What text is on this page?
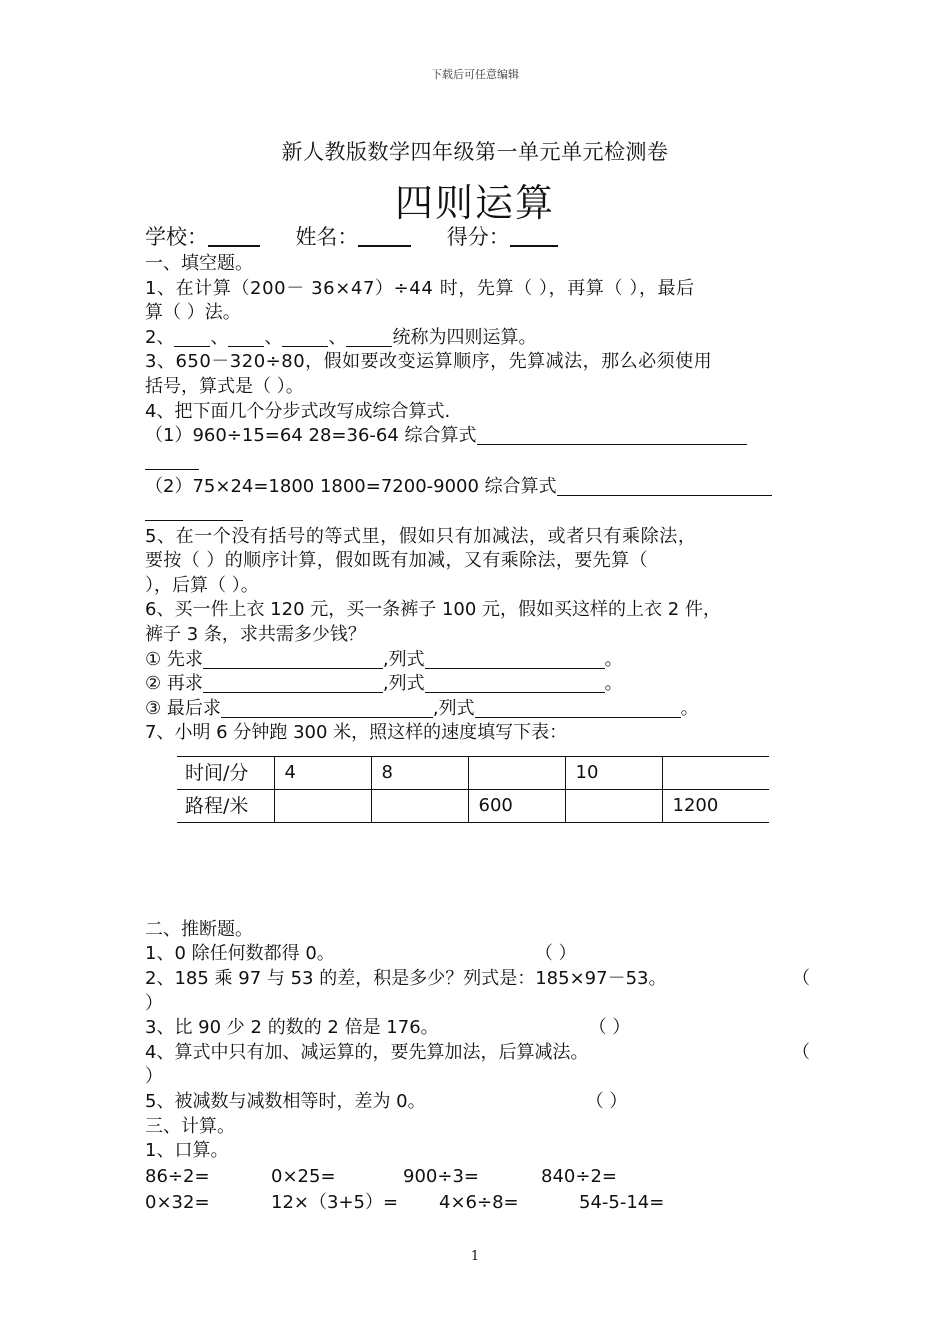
下载后可任意编辑
新人教版数学四年级第一单元单元检测卷
四则运算
学校：	姓名：	得分：
一、填空题。
1、在计算（200－ 36×47）÷44 时，先算（ ），再算（ ），最后
算（ ）法。
2、 、 、	、	统称为四则运算。
3、650－320÷80，假如要改变运算顺序，先算减法，那么必须使用
括号，算式是（ ）。
4、把下面几个分步式改写成综合算式.
（1）960÷15=64 28=36-64 综合算式
（2）75×24=1800 1800=7200-9000 综合算式
5、在一个没有括号的等式里，假如只有加减法，或者只有乘除法，
要按（ ）的顺序计算，假如既有加减，又有乘除法，要先算（
），后算（ ）。
6、买一件上衣 120 元，买一条裤子 100 元，假如买这样的上衣 2 件，
裤子 3 条，求共需多少钱？
① 先求	,列式	。
② 再求	,列式	。
③ 最后求	,列式	。
7、小明 6 分钟跑 300 米，照这样的速度填写下表：
时间/分	4	8		10	
路程/米			600		1200
二、推断题。
1、0 除任何数都得 0。	（ ）
2、185 乘 97 与 53 的差，积是多少？列式是：185×97－53。	（
）
3、比 90 少 2 的数的 2 倍是 176。	（ ）
4、算式中只有加、减运算的，要先算加法，后算减法。	（
）
5、被减数与减数相等时，差为 0。	（ ）
三、计算。
1、口算。
86÷2=	0×25=	900÷3=	840÷2=
0×32=	12×（3+5）=	4×6÷8=	54-5-14=
1
